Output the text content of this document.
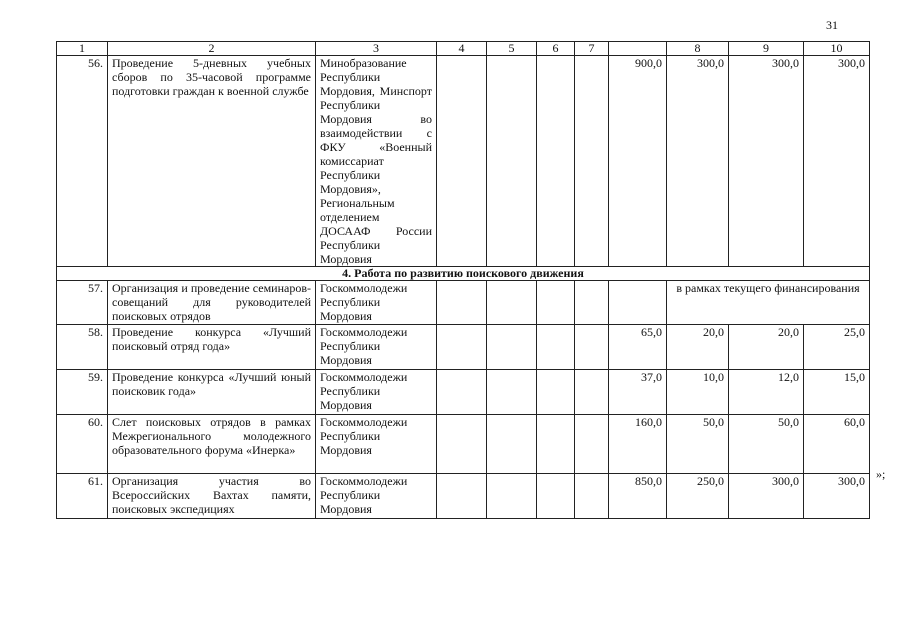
31
1	2	3	4	5	6	7		8	9	10
56.	Проведение 5-дневных учебных сборов по 35-часовой программе подготовки граждан к военной службе	Минобразование Республики Мордовия, Минспорт Республики Мордовия во взаимодействии с ФКУ «Военный комиссариат Республики Мордовия», Региональным отделением ДОСААФ России Республики Мордовия					900,0	300,0	300,0	300,0
4. Работа по развитию поискового движения										
57.	Организация и проведение семинаров-совещаний для руководителей поисковых отрядов	Госкоммолодежи Республики Мордовия						в рамках текущего финансирования		
58.	Проведение конкурса «Лучший поисковый отряд года»	Госкоммолодежи Республики Мордовия					65,0	20,0	20,0	25,0
59.	Проведение конкурса «Лучший юный поисковик года»	Госкоммолодежи Республики Мордовия					37,0	10,0	12,0	15,0
60.	Слет поисковых отрядов в рамках Межрегионального молодежного образовательного форума «Инерка»	Госкоммолодежи Республики Мордовия					160,0	50,0	50,0	60,0
61.	Организация участия во Всероссийских Вахтах памяти, поисковых экспедициях	Госкоммолодежи Республики Мордовия					850,0	250,0	300,0	300,0 »;
